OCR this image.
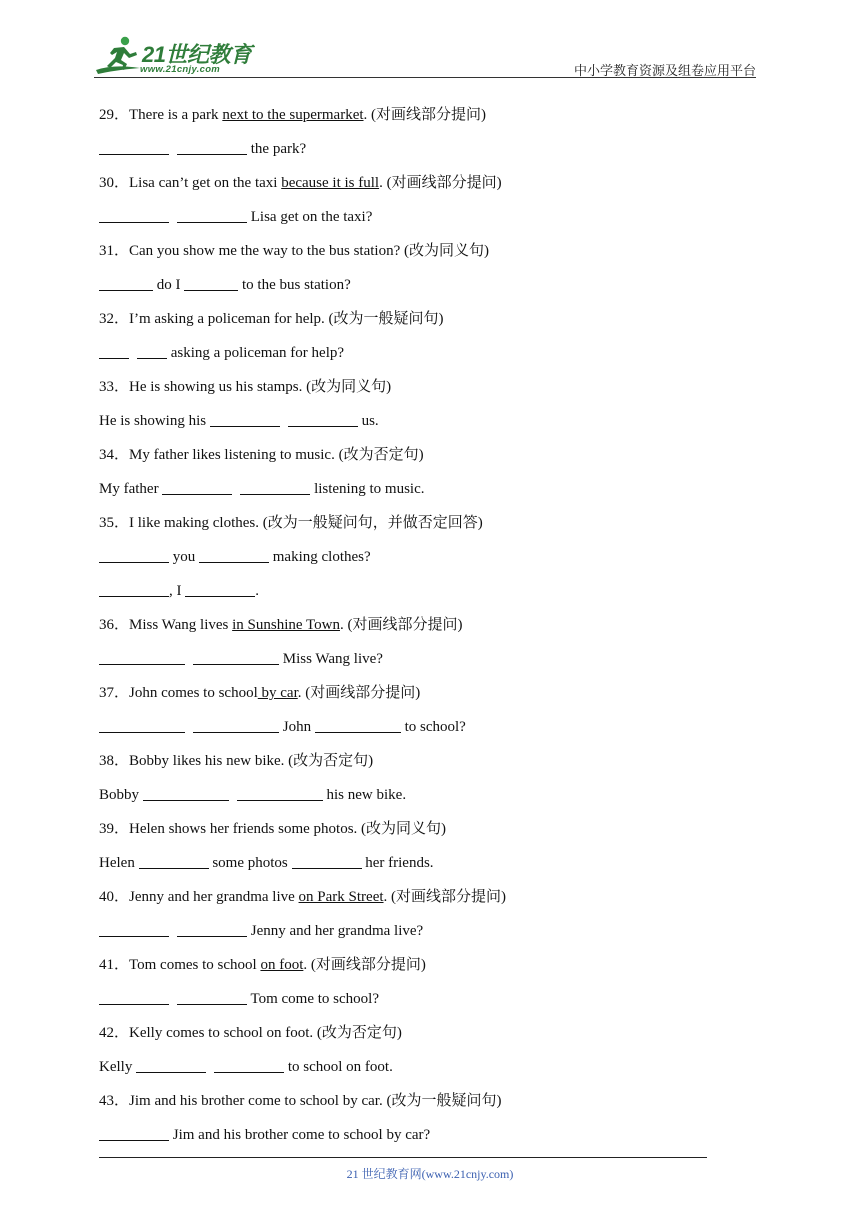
21世纪教育
www.21cnjy.com	中小学教育资源及组卷应用平台
29．There is a park next to the supermarket. (对画线部分提问)
the park?
30．Lisa can’t get on the taxi because it is full. (对画线部分提问)
Lisa get on the taxi?
31．Can you show me the way to the bus station? (改为同义句)
do I	to the bus station?
32．I’m asking a policeman for help. (改为一般疑问句)
asking a policeman for help?
33．He is showing us his stamps. (改为同义句)
He is showing his	us.
34．My father likes listening to music. (改为否定句)
My father	listening to music.
35．I like making clothes. (改为一般疑问句，并做否定回答)
you	making clothes?
, I	.
36．Miss Wang lives in Sunshine Town. (对画线部分提问)
Miss Wang live?
37．John comes to school by car. (对画线部分提问)
John	to school?
38．Bobby likes his new bike. (改为否定句)
Bobby	his new bike.
39．Helen shows her friends some photos. (改为同义句)
Helen	some photos	her friends.
40．Jenny and her grandma live on Park Street. (对画线部分提问)
Jenny and her grandma live?
41．Tom comes to school on foot. (对画线部分提问)
Tom come to school?
42．Kelly comes to school on foot. (改为否定句)
Kelly	to school on foot.
43．Jim and his brother come to school by car. (改为一般疑问句)
Jim and his brother come to school by car?
21 世纪教育网(www.21cnjy.com)
